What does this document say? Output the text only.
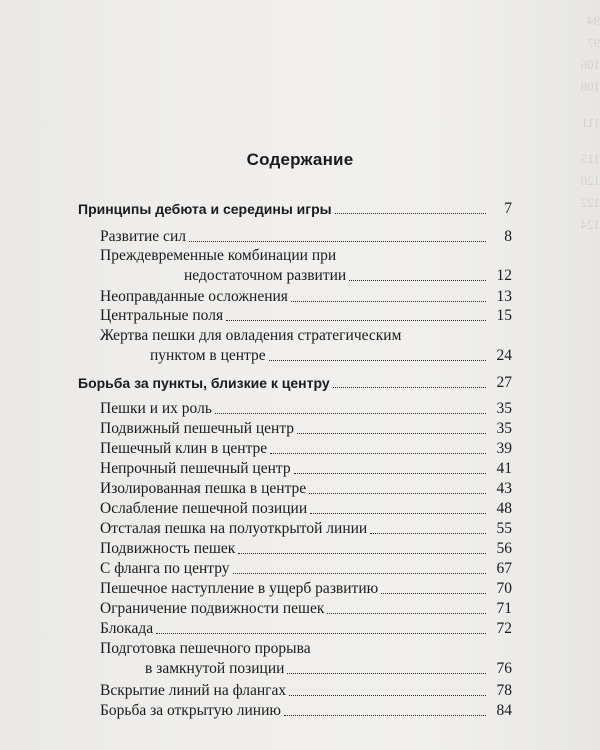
94
97
106
108
111
115
120
122
124
Содержание
Принципы дебюта и середины игры	7
Развитие сил	8
Преждевременные комбинации при
недостаточном развитии	12
Неоправданные осложнения	13
Центральные поля	15
Жертва пешки для овладения стратегическим
пунктом в центре	24
Борьба за пункты, близкие к центру	27
Пешки и их роль	35
Подвижный пешечный центр	35
Пешечный клин в центре	39
Непрочный пешечный центр	41
Изолированная пешка в центре	43
Ослабление пешечной позиции	48
Отсталая пешка на полуоткрытой линии	55
Подвижность пешек	56
С фланга по центру	67
Пешечное наступление в ущерб развитию	70
Ограничение подвижности пешек	71
Блокада	72
Подготовка пешечного прорыва
в замкнутой позиции	76
Вскрытие линий на флангах	78
Борьба за открытую линию	84
